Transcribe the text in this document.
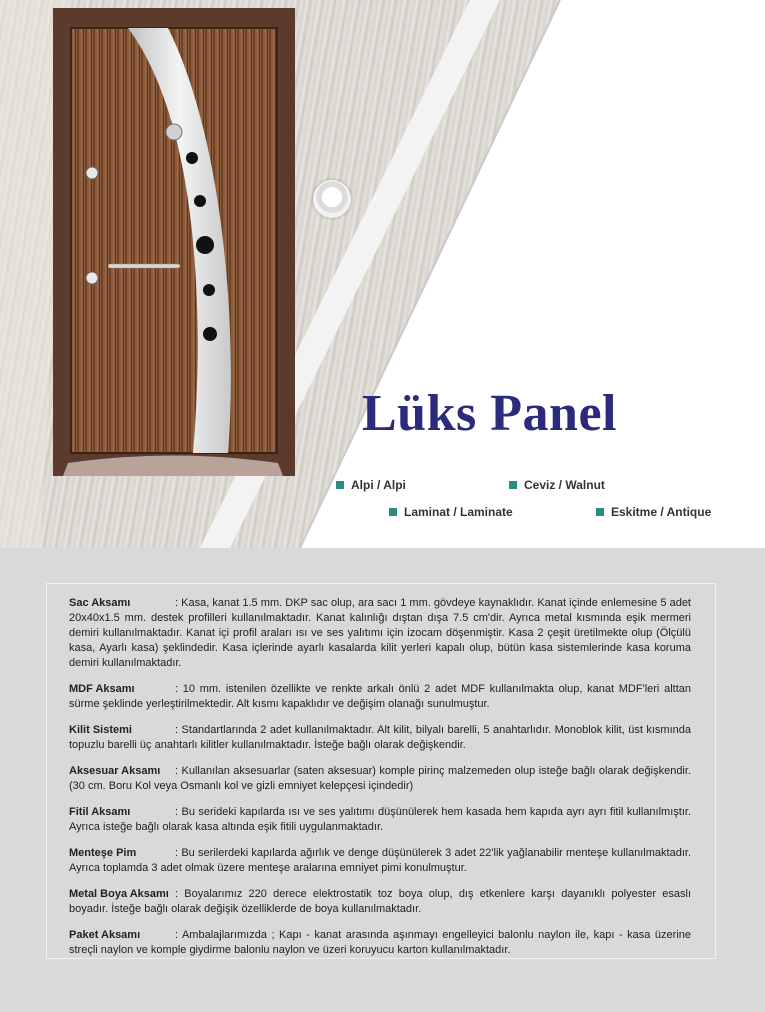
Lüks Panel
Alpi / Alpi	Ceviz / Walnut
Laminat / Laminate	Eskitme / Antique

Sac Aksamı	: Kasa, kanat 1.5 mm. DKP sac olup, ara sacı 1 mm. gövdeye kaynaklıdır. Kanat içinde enlemesine 5 adet 20x40x1.5 mm. destek profilleri kullanılmaktadır. Kanat kalınlığı dıştan dışa 7.5 cm'dir. Ayrıca metal kısmında eşik mermeri demiri kullanılmaktadır. Kanat içi profil araları ısı ve ses yalıtımı için izocam döşenmiştir. Kasa 2 çeşit üretilmekte olup (Ölçülü kasa, Ayarlı kasa) şeklindedir. Kasa içlerinde ayarlı kasalarda kilit yerleri kapalı olup, bütün kasa sistemlerinde kasa koruma demiri kullanılmaktadır.

MDF Aksamı	: 10 mm. istenilen özellikte ve renkte arkalı önlü 2 adet MDF kullanılmakta olup, kanat MDF'leri alttan sürme şeklinde yerleştirilmektedir. Alt kısmı kapaklıdır ve değişim olanağı sunulmuştur.

Kilit Sistemi	: Standartlarında 2 adet kullanılmaktadır. Alt kilit, bilyalı barelli, 5 anahtarlıdır. Monoblok kilit, üst kısmında topuzlu barelli üç anahtarlı kilitler kullanılmaktadır. İsteğe bağlı olarak değişkendir.

Aksesuar Aksamı : Kullanılan aksesuarlar (saten aksesuar) komple pirinç malzemeden olup isteğe bağlı olarak değişkendir. (30 cm. Boru Kol veya Osmanlı kol ve gizli emniyet kelepçesi içindedir)

Fitil Aksamı	: Bu serideki kapılarda ısı ve ses yalıtımı düşünülerek hem kasada hem kapıda ayrı ayrı fitil kullanılmıştır. Ayrıca isteğe bağlı olarak kasa altında eşik fitili uygulanmaktadır.

Menteşe Pim	: Bu serilerdeki kapılarda ağırlık ve denge düşünülerek 3 adet 22'lik yağlanabilir menteşe kullanılmaktadır. Ayrıca toplamda 3 adet olmak üzere menteşe aralarına emniyet pimi konulmuştur.

Metal Boya Aksamı : Boyalarımız 220 derece elektrostatik toz boya olup, dış etkenlere karşı dayanıklı polyester esaslı boyadır. İsteğe bağlı olarak değişik özelliklerde de boya kullanılmaktadır.

Paket Aksamı	: Ambalajlarımızda ; Kapı - kanat arasında aşınmayı engelleyici balonlu naylon ile, kapı - kasa üzerine streçli naylon ve komple giydirme balonlu naylon ve üzeri koruyucu karton kullanılmaktadır.
